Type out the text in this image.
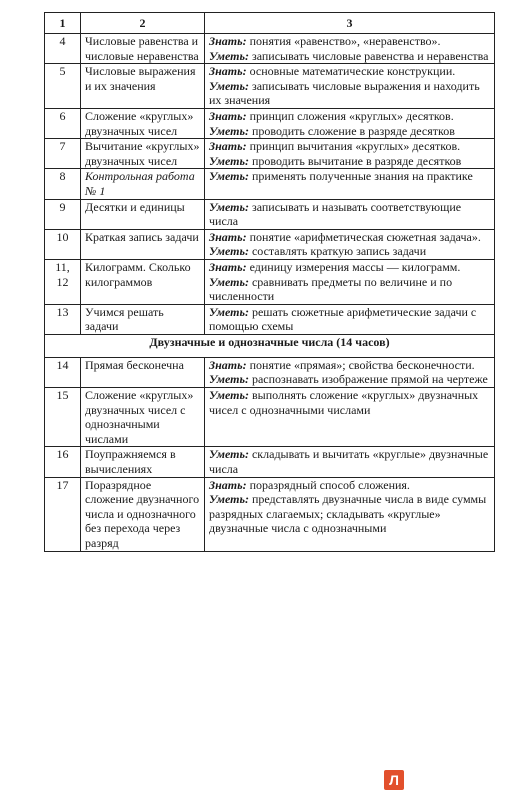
1	2	3
4	Числовые равенства и числовые неравенства	Знать: понятия «равенство», «неравенство».
Уметь: записывать числовые равенства и неравенства

5	Числовые выражения и их значения	Знать: основные математические конструкции.
Уметь: записывать числовые выражения и находить их значения

6	Сложение «круглых» двузначных чисел	Знать: принцип сложения «круглых» десятков.
Уметь: проводить сложение в разряде десятков

7	Вычитание «круглых» двузначных чисел	Знать: принцип вычитания «круглых» десятков.
Уметь: проводить вычитание в разряде десятков

8	Контрольная работа № 1	Уметь: применять полученные знания на практике

9	Десятки и единицы	Уметь: записывать и называть соответствующие числа

10	Краткая запись задачи	Знать: понятие «арифметическая сюжетная задача».
Уметь: составлять краткую запись задачи

11, 12	Килограмм. Сколько килограммов	Знать: единицу измерения массы — килограмм.
Уметь: сравнивать предметы по величине и по численности

13	Учимся решать задачи	Уметь: решать сюжетные арифметические задачи с помощью схемы

Двузначные и однозначные числа (14 часов)		
14	Прямая бесконечна	Знать: понятие «прямая»; свойства бесконечности.
Уметь: распознавать изображение прямой на чертеже

15	Сложение «круглых» двузначных чисел с однозначными числами	Уметь: выполнять сложение «круглых» двузначных чисел с однозначными числами

16	Поупражняемся в вычислениях	Уметь: складывать и вычитать «круглые» двузначные числа

17	Поразрядное сложение двузначного числа и однозначного без перехода через разряд	Знать: поразрядный способ сложения.
Уметь: представлять двузначные числа в виде суммы разрядных слагаемых; складывать «круглые» двузначные числа с однозначными
Л
